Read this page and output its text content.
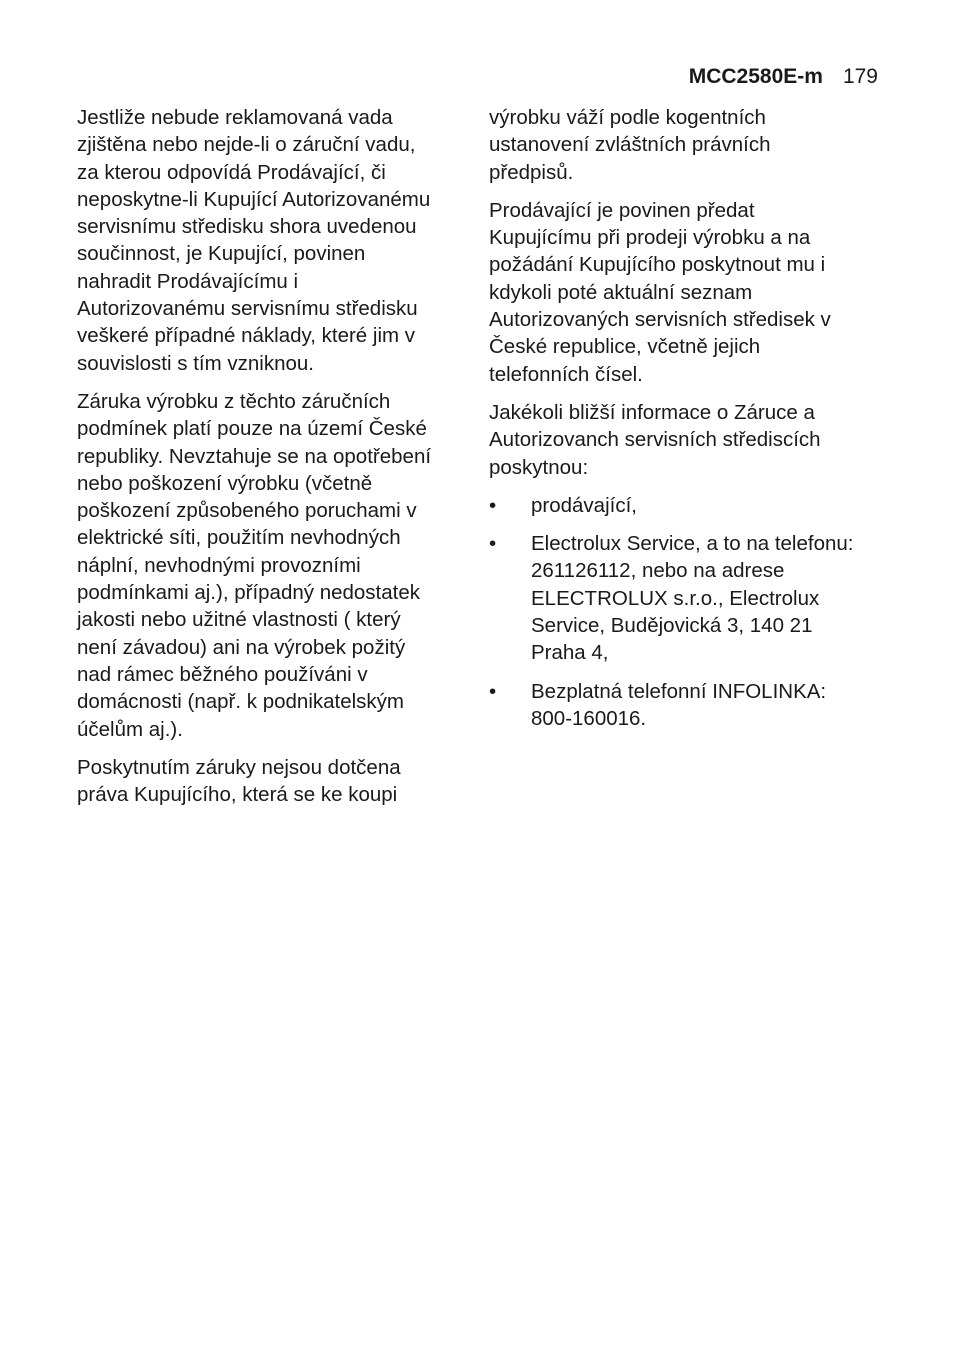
MCC2580E-m 179

Jestliže nebude reklamovaná vada
zjištěna nebo nejde-li o záruční vadu,
za kterou odpovídá Prodávající, či
neposkytne-li Kupující Autorizovanému
servisnímu středisku shora uvedenou
součinnost, je Kupující, povinen
nahradit Prodávajícímu i
Autorizovanému servisnímu středisku
veškeré případné náklady, které jim v
souvislosti s tím vzniknou.

Záruka výrobku z těchto záručních
podmínek platí pouze na území České
republiky. Nevztahuje se na opotřebení
nebo poškození výrobku (včetně
poškození způsobeného poruchami v
elektrické síti, použitím nevhodných
náplní, nevhodnými provozními
podmínkami aj.), případný nedostatek
jakosti nebo užitné vlastnosti ( který
není závadou) ani na výrobek požitý
nad rámec běžného používáni v
domácnosti (např. k podnikatelským
účelům aj.).

Poskytnutím záruky nejsou dotčena
práva Kupujícího, která se ke koupi

výrobku váží podle kogentních
ustanovení zvláštních právních
předpisů.

Prodávající je povinen předat
Kupujícímu při prodeji výrobku a na
požádání Kupujícího poskytnout mu i
kdykoli poté aktuální seznam
Autorizovaných servisních středisek v
České republice, včetně jejich
telefonních čísel.

Jakékoli bližší informace o Záruce a
Autorizovanch servisních střediscích
poskytnou:

• prodávající,
• Electrolux Service, a to na telefonu:
261126112, nebo na adrese
ELECTROLUX s.r.o., Electrolux
Service, Budějovická 3, 140 21
Praha 4,
• Bezplatná telefonní INFOLINKA:
800-160016.
